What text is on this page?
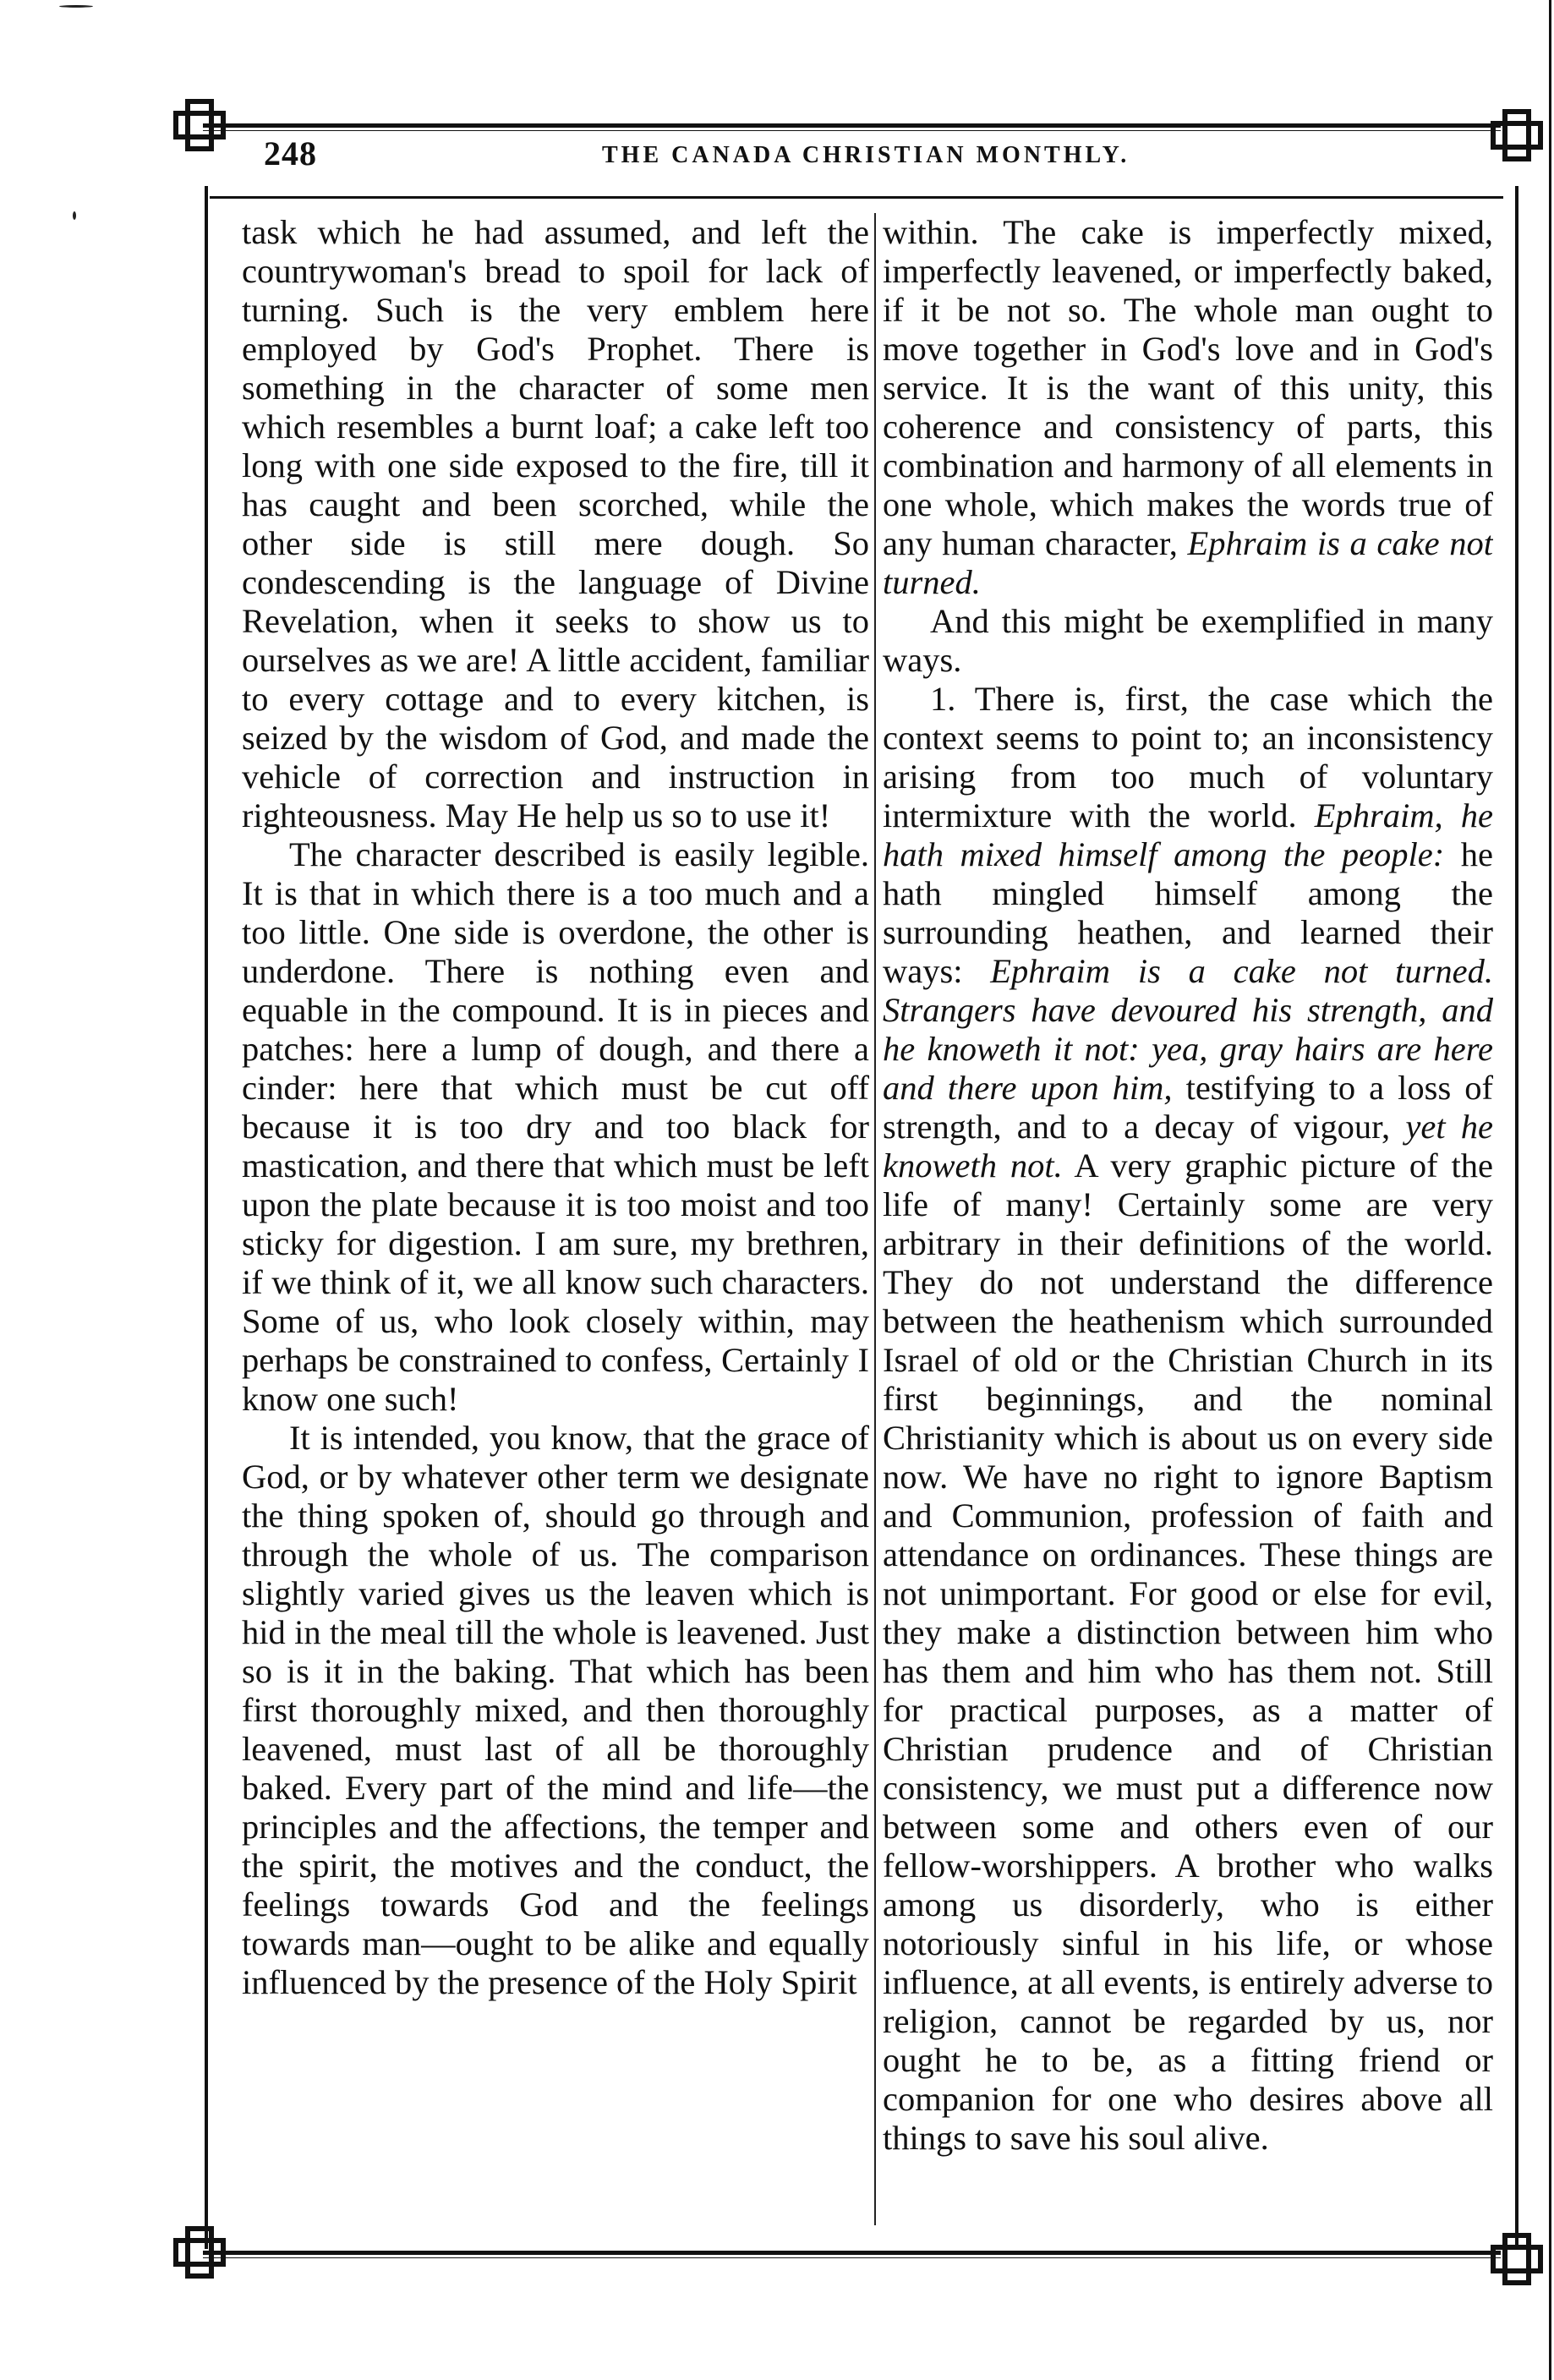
248	THE CANADA CHRISTIAN MONTHLY.

task which he had assumed, and left the countrywoman's bread to spoil for lack of turning. Such is the very emblem here employed by God's Prophet. There is something in the character of some men which resembles a burnt loaf; a cake left too long with one side exposed to the fire, till it has caught and been scorched, while the other side is still mere dough. So condescending is the language of Divine Revelation, when it seeks to show us to ourselves as we are! A little accident, familiar to every cottage and to every kitchen, is seized by the wisdom of God, and made the vehicle of correction and instruction in righteousness. May He help us so to use it!

The character described is easily legible. It is that in which there is a too much and a too little. One side is overdone, the other is underdone. There is nothing even and equable in the compound. It is in pieces and patches: here a lump of dough, and there a cinder: here that which must be cut off because it is too dry and too black for mastication, and there that which must be left upon the plate because it is too moist and too sticky for digestion. I am sure, my brethren, if we think of it, we all know such characters. Some of us, who look closely within, may perhaps be constrained to confess, Certainly I know one such!

It is intended, you know, that the grace of God, or by whatever other term we designate the thing spoken of, should go through and through the whole of us. The comparison slightly varied gives us the leaven which is hid in the meal till the whole is leavened. Just so is it in the baking. That which has been first thoroughly mixed, and then thoroughly leavened, must last of all be thoroughly baked. Every part of the mind and life—the principles and the affections, the temper and the spirit, the motives and the conduct, the feelings towards God and the feelings towards man—ought to be alike and equally influenced by the presence of the Holy Spirit

within. The cake is imperfectly mixed, imperfectly leavened, or imperfectly baked, if it be not so. The whole man ought to move together in God's love and in God's service. It is the want of this unity, this coherence and consistency of parts, this combination and harmony of all elements in one whole, which makes the words true of any human character, Ephraim is a cake not turned.

And this might be exemplified in many ways.

1. There is, first, the case which the context seems to point to; an inconsistency arising from too much of voluntary intermixture with the world. Ephraim, he hath mixed himself among the people: he hath mingled himself among the surrounding heathen, and learned their ways: Ephraim is a cake not turned. Strangers have devoured his strength, and he knoweth it not: yea, gray hairs are here and there upon him, testifying to a loss of strength, and to a decay of vigour, yet he knoweth not. A very graphic picture of the life of many! Certainly some are very arbitrary in their definitions of the world. They do not understand the difference between the heathenism which surrounded Israel of old or the Christian Church in its first beginnings, and the nominal Christianity which is about us on every side now. We have no right to ignore Baptism and Communion, profession of faith and attendance on ordinances. These things are not unimportant. For good or else for evil, they make a distinction between him who has them and him who has them not. Still for practical purposes, as a matter of Christian prudence and of Christian consistency, we must put a difference now between some and others even of our fellow-worshippers. A brother who walks among us disorderly, who is either notoriously sinful in his life, or whose influence, at all events, is entirely adverse to religion, cannot be regarded by us, nor ought he to be, as a fitting friend or companion for one who desires above all things to save his soul alive.
